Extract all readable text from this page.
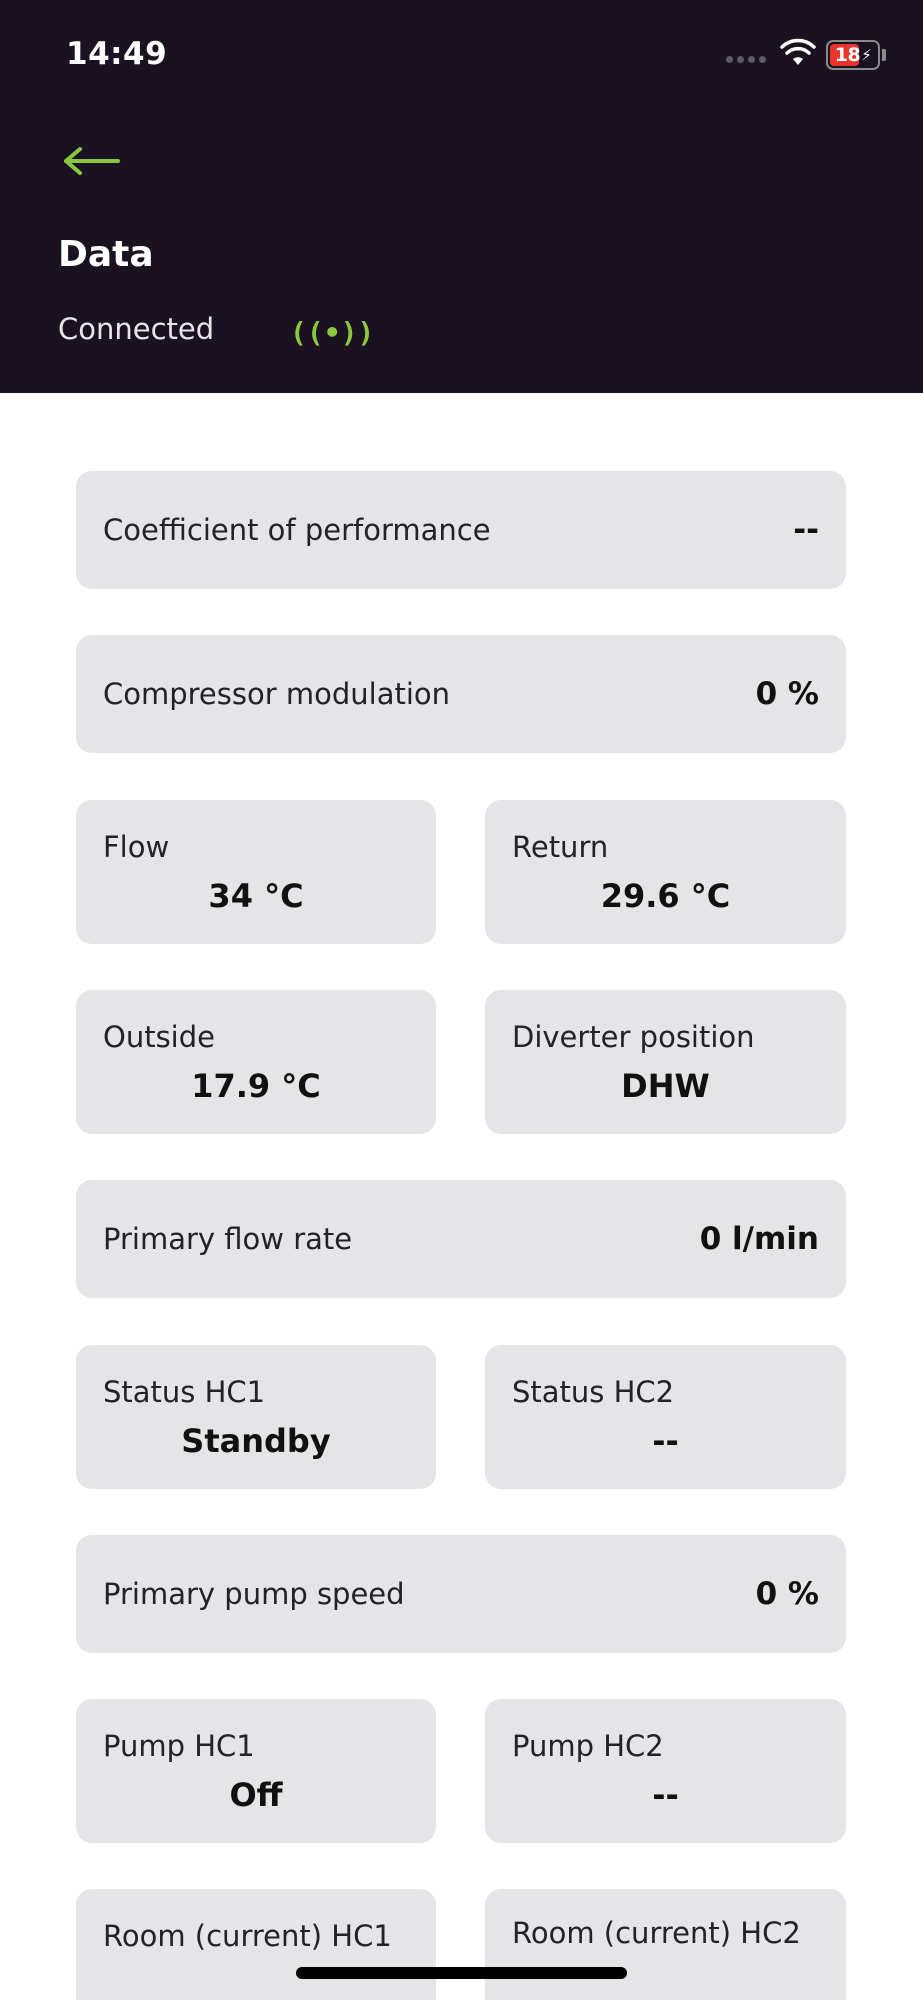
14:49	18 ⚡
Data
Connected	((•))
Coefficient of performance	--
Compressor modulation	0 %
Flow
34 °C
Return
29.6 °C
Outside
17.9 °C
Diverter position
DHW
Primary flow rate	0 l/min
Status HC1
Standby
Status HC2
--
Primary pump speed	0 %
Pump HC1
Off
Pump HC2
--
Room (current) HC1	Room (current) HC2
